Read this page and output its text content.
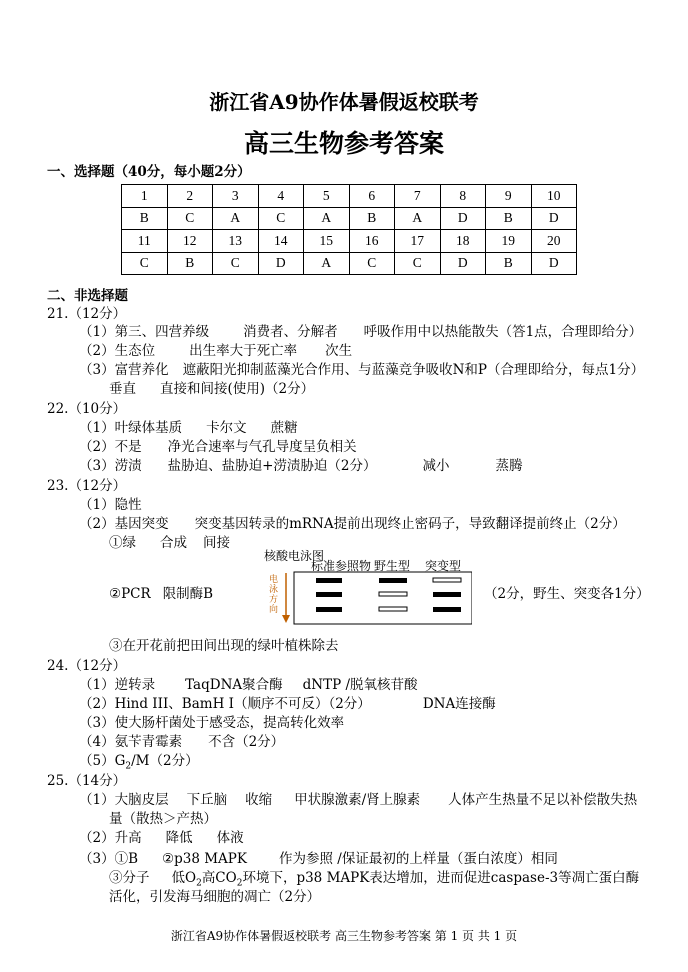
浙江省A9协作体暑假返校联考
高三生物参考答案
一、选择题（40分，每小题2分）
1	2	3	4	5	6	7	8	9	10
B	C	A	C	A	B	A	D	B	D
11	12	13	14	15	16	17	18	19	20
C	B	C	D	A	C	C	D	B	D
二、非选择题
21.（12分）
（1）第三、四营养级	消费者、分解者 呼吸作用中以热能散失（答1点，合理即给分）
（2）生态位	出生率大于死亡率 次生
（3）富营养化 遮蔽阳光抑制蓝藻光合作用、与蓝藻竞争吸收N和P（合理即给分，每点1分）
垂直 直接和间接(使用)（2分）
22.（10分）
（1）叶绿体基质 卡尔文 蔗糖
（2）不是 净光合速率与气孔导度呈负相关
（3）涝渍 盐胁迫、盐胁迫+涝渍胁迫（2分）	减小	蒸腾
23.（12分）
（1）隐性
（2）基因突变 突变基因转录的mRNA提前出现终止密码子，导致翻译提前终止（2分）
①绿 合成 间接
②PCR 限制酶B	（2分，野生、突变各1分）
核酸电泳图
标准参照物 野生型 突变型
电
泳
方
向
③在开花前把田间出现的绿叶植株除去
24.（12分）
（1）逆转录 TaqDNA聚合酶 dNTP /脱氧核苷酸
（2）Hind III、BamH I（顺序不可反）（2分）	DNA连接酶
（3）使大肠杆菌处于感受态，提高转化效率
（4）氨苄青霉素 不含（2分）
$(5)G_2/M(2$分）
25.（14分）
（1）大脑皮层 下丘脑 收缩 甲状腺激素/肾上腺素 人体产生热量不足以补偿散失热
量（散热＞产热）
（2）升高 降低 体液
（3）①B ②p38 MAPK 作为参照 /保证最初的上样量（蛋白浓度）相同
③分子 低$O_2$高$CO_2$环境下，p38 MAPK表达增加，进而促进caspase-3等凋亡蛋白酶
活化，引发海马细胞的凋亡（2分）
浙江省A9协作体暑假返校联考 高三生物参考答案 第 1 页 共 1 页
